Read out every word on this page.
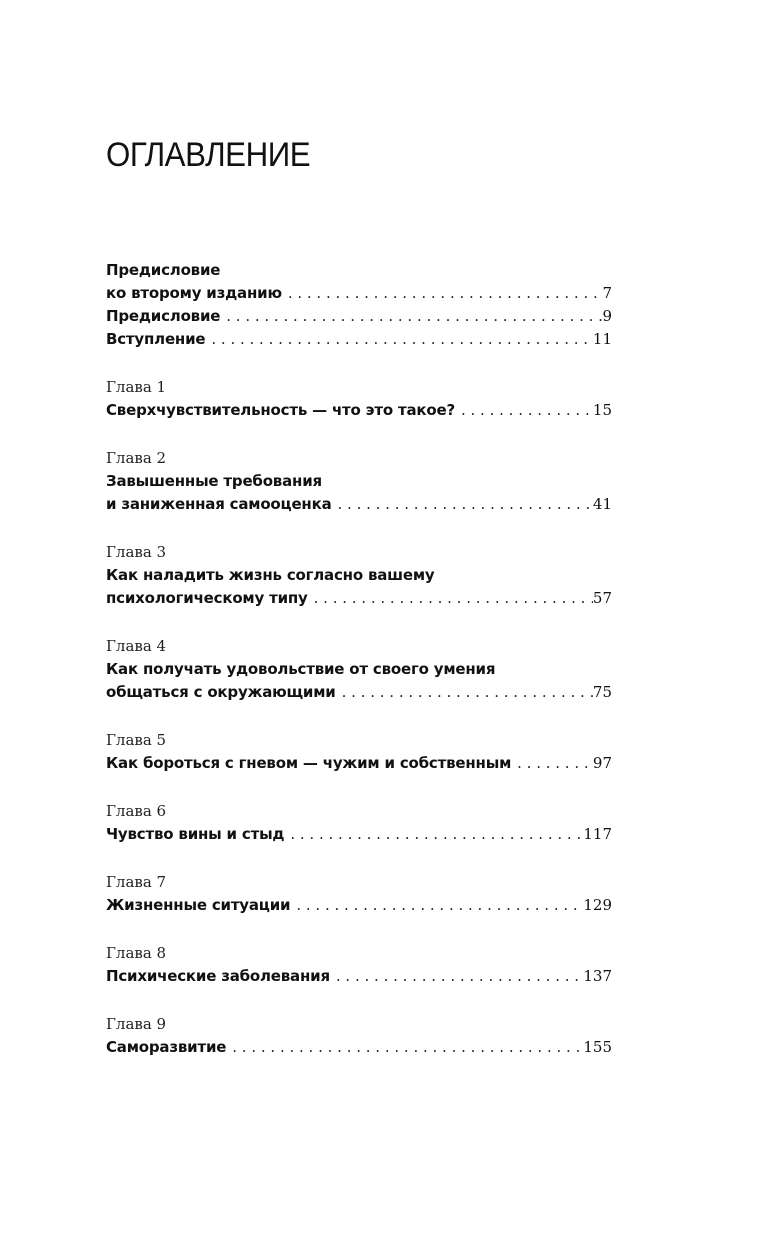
ОГЛАВЛЕНИЕ
Предисловие
ко второму изданию . . .	7
Предисловие . . .	9
Вступление . . .	11
Глава 1
Сверхчувствительность — что это такое? . . .	15
Глава 2
Завышенные требования
и заниженная самооценка . . .	41
Глава 3
Как наладить жизнь согласно вашему
психологическому типу . . .	57
Глава 4
Как получать удовольствие от своего умения
общаться с окружающими . . .	75
Глава 5
Как бороться с гневом — чужим и собственным . . .	97
Глава 6
Чувство вины и стыд . . .	117
Глава 7
Жизненные ситуации . . .	129
Глава 8
Психические заболевания . . .	137
Глава 9
Саморазвитие . . .	155
